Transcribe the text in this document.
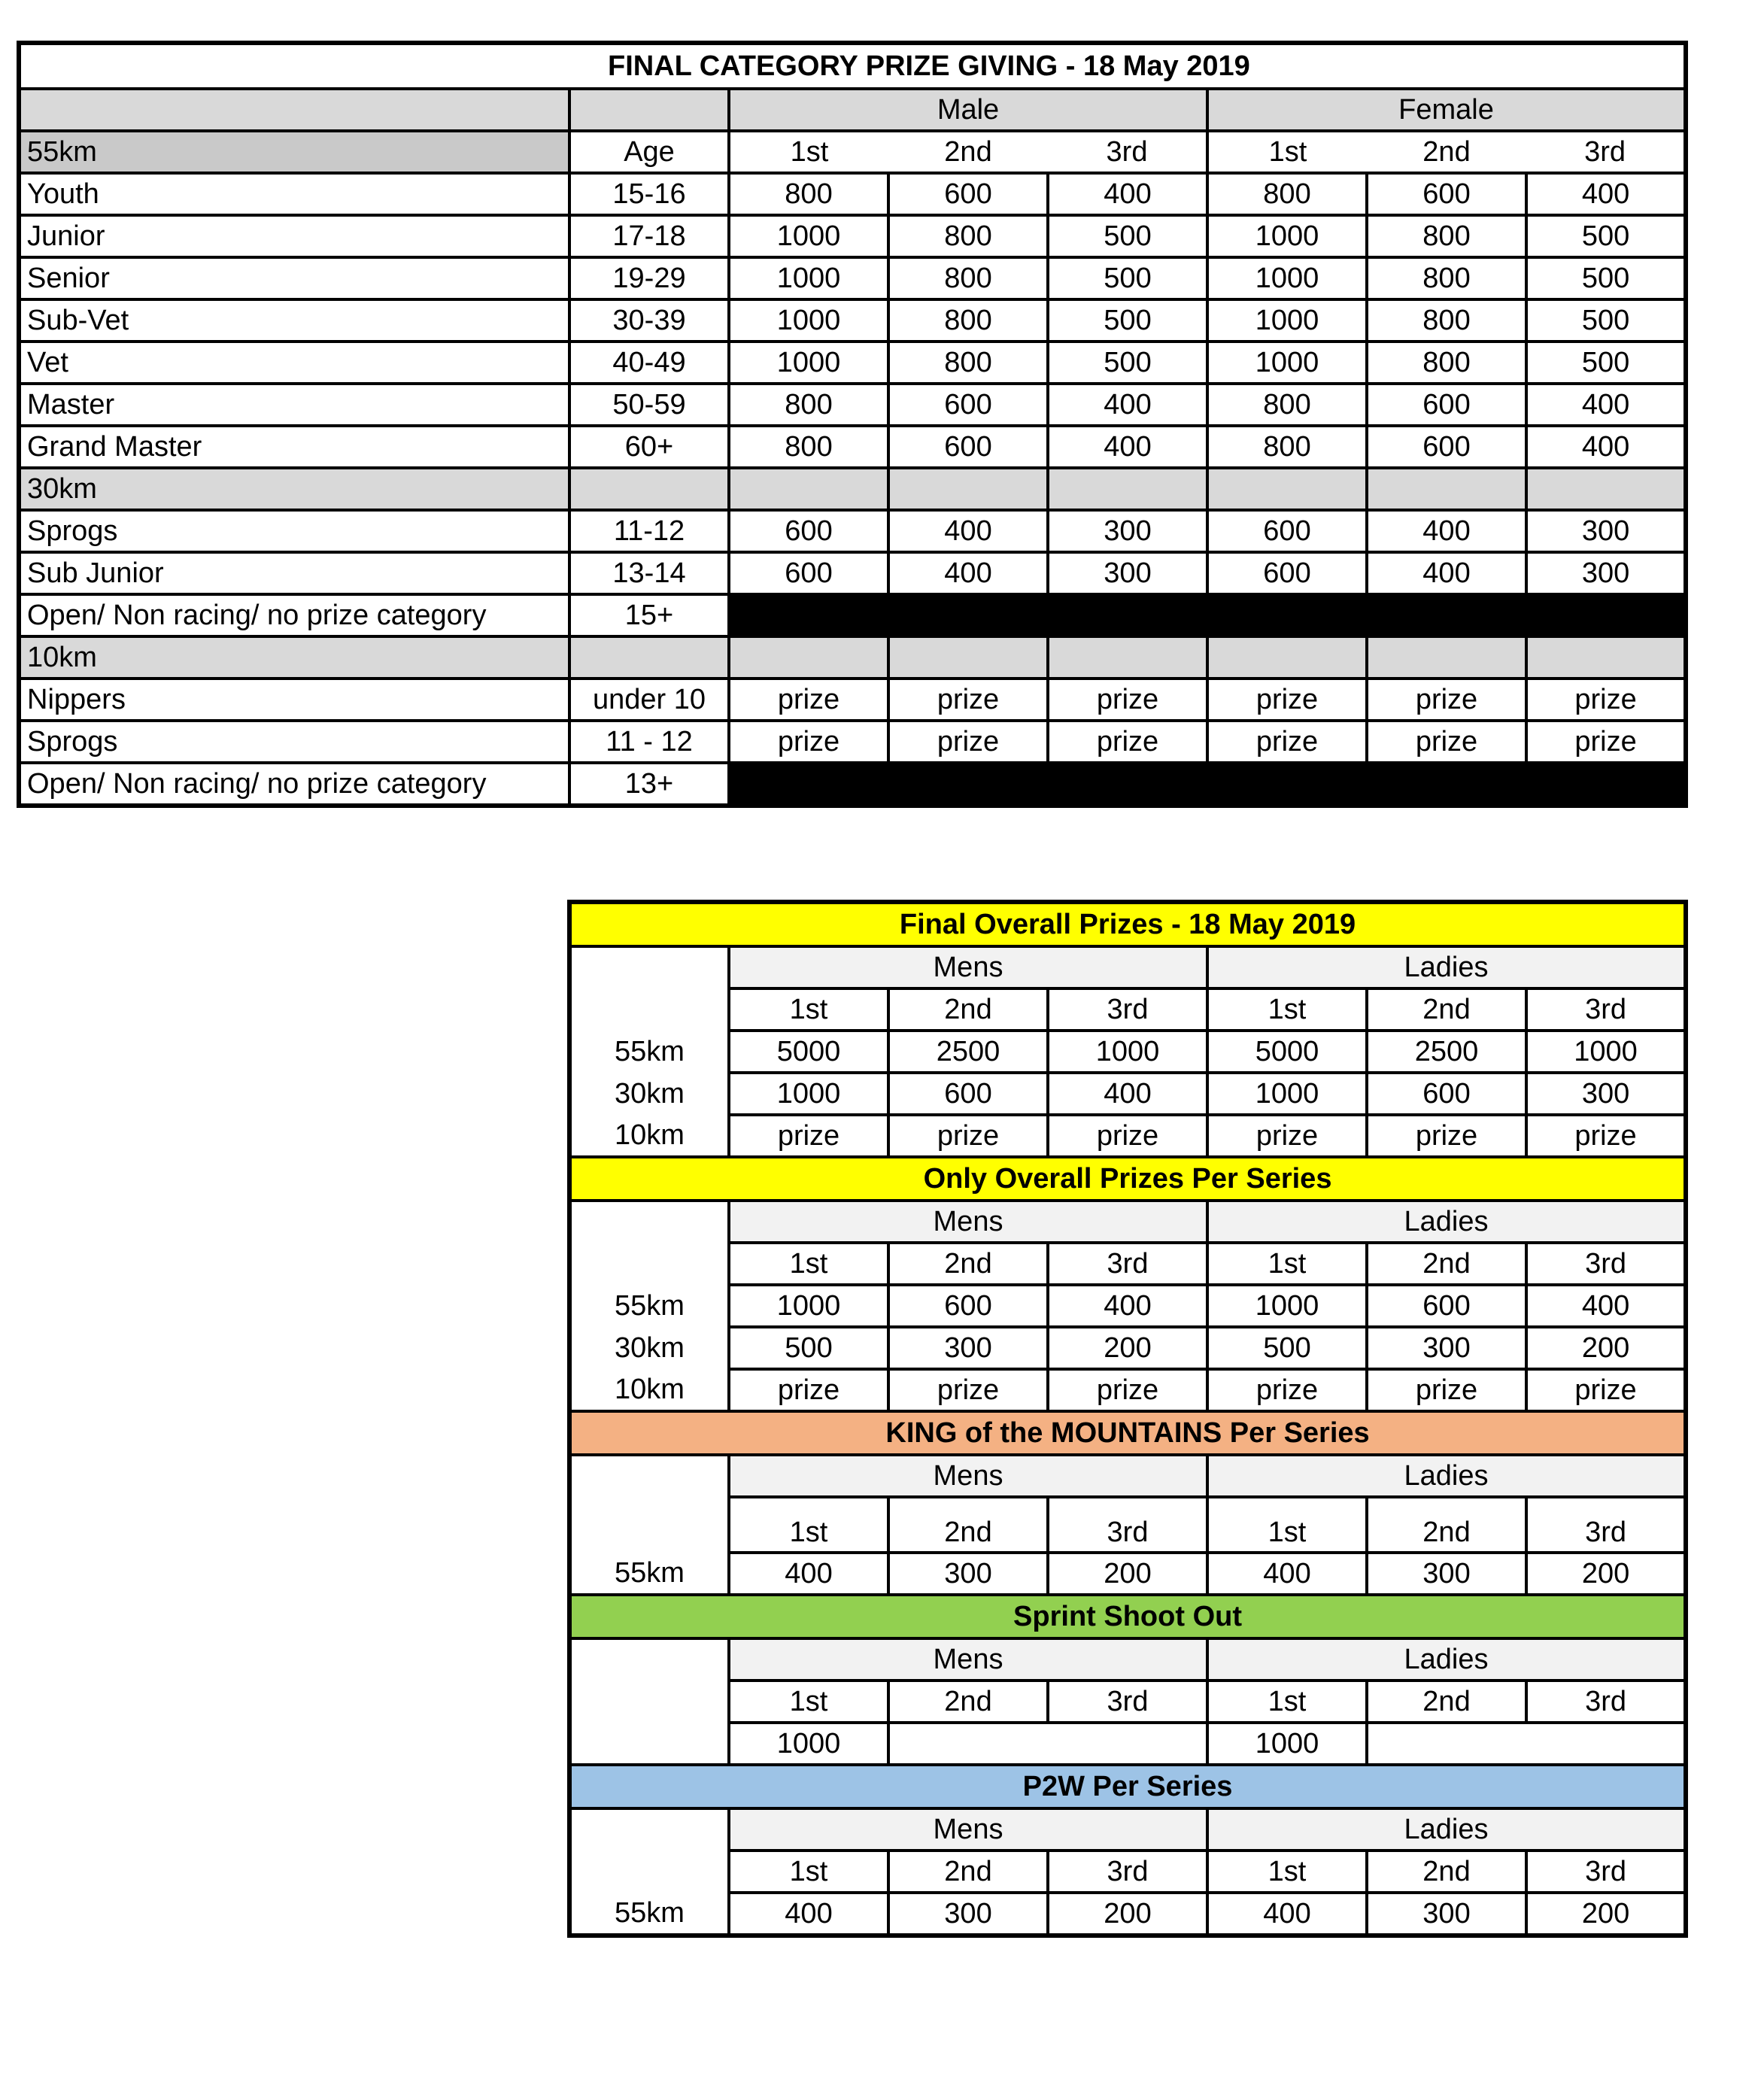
FINAL CATEGORY PRIZE GIVING - 18 May 2019							
		Male			Female		
55km	Age	1st	2nd	3rd	1st	2nd	3rd
Youth	15-16	800	600	400	800	600	400
Junior	17-18	1000	800	500	1000	800	500
Senior	19-29	1000	800	500	1000	800	500
Sub-Vet	30-39	1000	800	500	1000	800	500
Vet	40-49	1000	800	500	1000	800	500
Master	50-59	800	600	400	800	600	400
Grand Master	60+	800	600	400	800	600	400
30km							
Sprogs	11-12	600	400	300	600	400	300
Sub Junior	13-14	600	400	300	600	400	300
Open/ Non racing/ no prize category	15+						
10km							
Nippers	under 10	prize	prize	prize	prize	prize	prize
Sprogs	11 - 12	prize	prize	prize	prize	prize	prize
Open/ Non racing/ no prize category	13+						
Final Overall Prizes - 18 May 2019						
	Mens			Ladies		
	1st	2nd	3rd	1st	2nd	3rd
55km	5000	2500	1000	5000	2500	1000
30km	1000	600	400	1000	600	300
10km	prize	prize	prize	prize	prize	prize
Only Overall Prizes Per Series						
	Mens			Ladies		
	1st	2nd	3rd	1st	2nd	3rd
55km	1000	600	400	1000	600	400
30km	500	300	200	500	300	200
10km	prize	prize	prize	prize	prize	prize
KING of the MOUNTAINS Per Series						
	Mens			Ladies		
	1st	2nd	3rd	1st	2nd	3rd
55km	400	300	200	400	300	200
Sprint Shoot Out						
	Mens			Ladies		
	1st	2nd	3rd	1st	2nd	3rd
	1000			1000		
P2W Per Series						
	Mens			Ladies		
	1st	2nd	3rd	1st	2nd	3rd
55km	400	300	200	400	300	200
